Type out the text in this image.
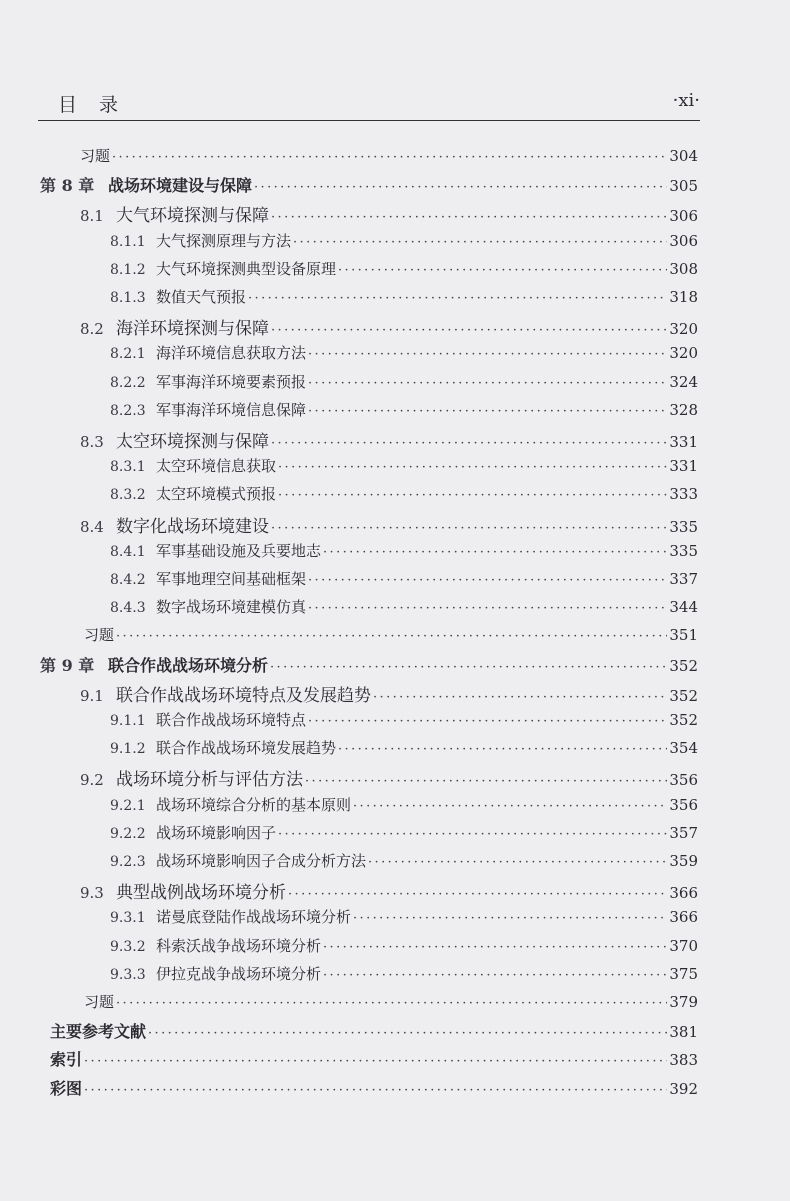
目录	·xi·
习题 ·····	304
第 8 章 战场环境建设与保障 ·····	305
8.1 大气环境探测与保障 ·····	306
8.1.1 大气探测原理与方法 ·····	306
8.1.2 大气环境探测典型设备原理 ·····	308
8.1.3 数值天气预报 ·····	318
8.2 海洋环境探测与保障 ·····	320
8.2.1 海洋环境信息获取方法 ·····	320
8.2.2 军事海洋环境要素预报 ·····	324
8.2.3 军事海洋环境信息保障 ·····	328
8.3 太空环境探测与保障 ·····	331
8.3.1 太空环境信息获取 ·····	331
8.3.2 太空环境模式预报 ·····	333
8.4 数字化战场环境建设 ·····	335
8.4.1 军事基础设施及兵要地志 ·····	335
8.4.2 军事地理空间基础框架 ·····	337
8.4.3 数字战场环境建模仿真 ·····	344
习题 ·····	351
第 9 章 联合作战战场环境分析 ·····	352
9.1 联合作战战场环境特点及发展趋势 ·····	352
9.1.1 联合作战战场环境特点 ·····	352
9.1.2 联合作战战场环境发展趋势 ·····	354
9.2 战场环境分析与评估方法 ·····	356
9.2.1 战场环境综合分析的基本原则 ·····	356
9.2.2 战场环境影响因子 ·····	357
9.2.3 战场环境影响因子合成分析方法 ·····	359
9.3 典型战例战场环境分析 ·····	366
9.3.1 诺曼底登陆作战战场环境分析 ·····	366
9.3.2 科索沃战争战场环境分析 ·····	370
9.3.3 伊拉克战争战场环境分析 ·····	375
习题 ·····	379
主要参考文献 ·····	381
索引 ·····	383
彩图 ·····	392
